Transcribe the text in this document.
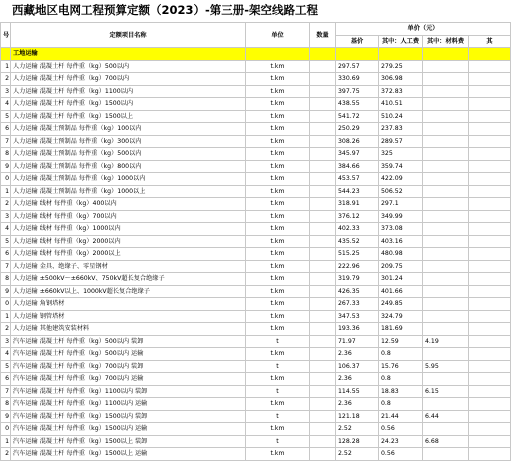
西藏地区电网工程预算定额（2023）-第三册-架空线路工程
号	定额项目名称	单位	数量	单价（元）			
				基价	其中：人工费	其中：材料费	其
	工地运输						
1	人力运输 混凝土杆 每件重（kg）500以内	t.km		297.57	279.25		
2	人力运输 混凝土杆 每件重（kg）700以内	t.km		330.69	306.98		
3	人力运输 混凝土杆 每件重（kg）1100以内	t.km		397.75	372.83		
4	人力运输 混凝土杆 每件重（kg）1500以内	t.km		438.55	410.51		
5	人力运输 混凝土杆 每件重（kg）1500以上	t.km		541.72	510.24		
6	人力运输 混凝土预制品 每件重（kg）100以内	t.km		250.29	237.83		
7	人力运输 混凝土预制品 每件重（kg）300以内	t.km		308.26	289.57		
8	人力运输 混凝土预制品 每件重（kg）500以内	t.km		345.97	325		
9	人力运输 混凝土预制品 每件重（kg）800以内	t.km		384.66	359.74		
0	人力运输 混凝土预制品 每件重（kg）1000以内	t.km		453.57	422.09		
1	人力运输 混凝土预制品 每件重（kg）1000以上	t.km		544.23	506.52		
2	人力运输 线材 每件重（kg）400以内	t.km		318.91	297.1		
3	人力运输 线材 每件重（kg）700以内	t.km		376.12	349.99		
4	人力运输 线材 每件重（kg）1000以内	t.km		402.33	373.08		
5	人力运输 线材 每件重（kg）2000以内	t.km		435.52	403.16		
6	人力运输 线材 每件重（kg）2000以上	t.km		515.25	480.98		
7	人力运输 金具、绝缘子、零星钢材	t.km		222.96	209.75		
8	人力运输 ±500kV～±660kV、750kV超长复合绝缘子	t.km		319.79	301.24		
9	人力运输 ±660kV以上、1000kV超长复合绝缘子	t.km		426.35	401.66		
0	人力运输 角钢塔材	t.km		267.33	249.85		
1	人力运输 钢管塔材	t.km		347.53	324.79		
2	人力运输 其他建筑安装材料	t.km		193.36	181.69		
3	汽车运输 混凝土杆 每件重（kg）500以内 装卸	t		71.97	12.59	4.19	
4	汽车运输 混凝土杆 每件重（kg）500以内 运输	t.km		2.36	0.8		
5	汽车运输 混凝土杆 每件重（kg）700以内 装卸	t		106.37	15.76	5.95	
6	汽车运输 混凝土杆 每件重（kg）700以内 运输	t.km		2.36	0.8		
7	汽车运输 混凝土杆 每件重（kg）1100以内 装卸	t		114.55	18.83	6.15	
8	汽车运输 混凝土杆 每件重（kg）1100以内 运输	t.km		2.36	0.8		
9	汽车运输 混凝土杆 每件重（kg）1500以内 装卸	t		121.18	21.44	6.44	
0	汽车运输 混凝土杆 每件重（kg）1500以内 运输	t.km		2.52	0.56		
1	汽车运输 混凝土杆 每件重（kg）1500以上 装卸	t		128.28	24.23	6.68	
2	汽车运输 混凝土杆 每件重（kg）1500以上 运输	t.km		2.52	0.56		
